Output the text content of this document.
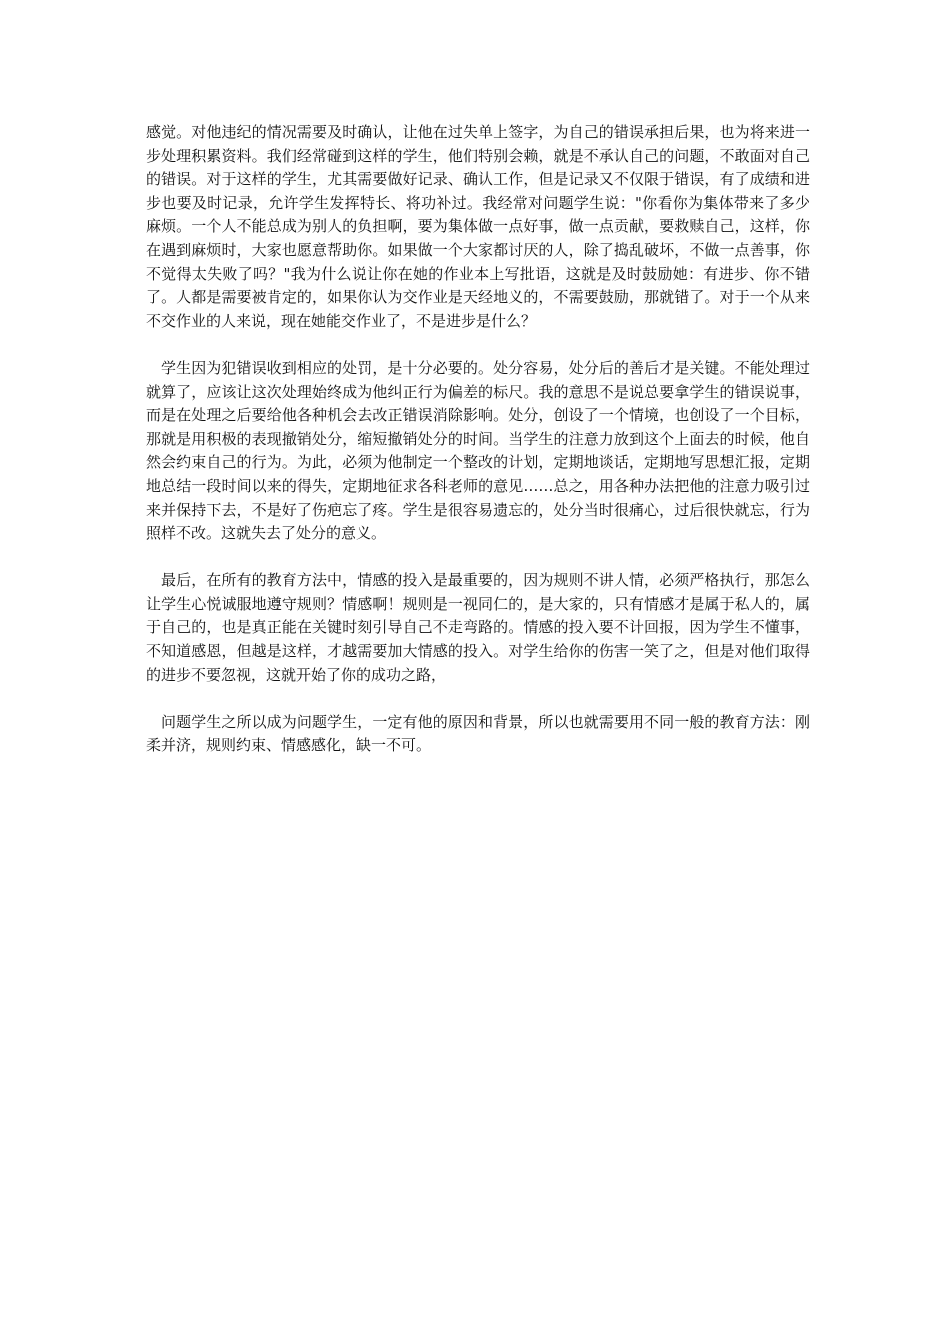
感觉。对他违纪的情况需要及时确认，让他在过失单上签字，为自己的错误承担后果，也为将来进一步处理积累资料。我们经常碰到这样的学生，他们特别会赖，就是不承认自己的问题，不敢面对自己的错误。对于这样的学生，尤其需要做好记录、确认工作，但是记录又不仅限于错误，有了成绩和进步也要及时记录，允许学生发挥特长、将功补过。我经常对问题学生说："你看你为集体带来了多少麻烦。一个人不能总成为别人的负担啊，要为集体做一点好事，做一点贡献，要救赎自己，这样，你在遇到麻烦时，大家也愿意帮助你。如果做一个大家都讨厌的人，除了捣乱破坏，不做一点善事，你不觉得太失败了吗？"我为什么说让你在她的作业本上写批语，这就是及时鼓励她：有进步、你不错了。人都是需要被肯定的，如果你认为交作业是天经地义的，不需要鼓励，那就错了。对于一个从来不交作业的人来说，现在她能交作业了，不是进步是什么？

学生因为犯错误收到相应的处罚，是十分必要的。处分容易，处分后的善后才是关键。不能处理过就算了，应该让这次处理始终成为他纠正行为偏差的标尺。我的意思不是说总要拿学生的错误说事，而是在处理之后要给他各种机会去改正错误消除影响。处分，创设了一个情境，也创设了一个目标，那就是用积极的表现撤销处分，缩短撤销处分的时间。当学生的注意力放到这个上面去的时候，他自然会约束自己的行为。为此，必须为他制定一个整改的计划，定期地谈话，定期地写思想汇报，定期地总结一段时间以来的得失，定期地征求各科老师的意见……总之，用各种办法把他的注意力吸引过来并保持下去，不是好了伤疤忘了疼。学生是很容易遗忘的，处分当时很痛心，过后很快就忘，行为照样不改。这就失去了处分的意义。

最后，在所有的教育方法中，情感的投入是最重要的，因为规则不讲人情，必须严格执行，那怎么让学生心悦诚服地遵守规则？情感啊！规则是一视同仁的，是大家的，只有情感才是属于私人的，属于自己的，也是真正能在关键时刻引导自己不走弯路的。情感的投入要不计回报，因为学生不懂事，不知道感恩，但越是这样，才越需要加大情感的投入。对学生给你的伤害一笑了之，但是对他们取得的进步不要忽视，这就开始了你的成功之路，

问题学生之所以成为问题学生，一定有他的原因和背景，所以也就需要用不同一般的教育方法：刚柔并济，规则约束、情感感化，缺一不可。
